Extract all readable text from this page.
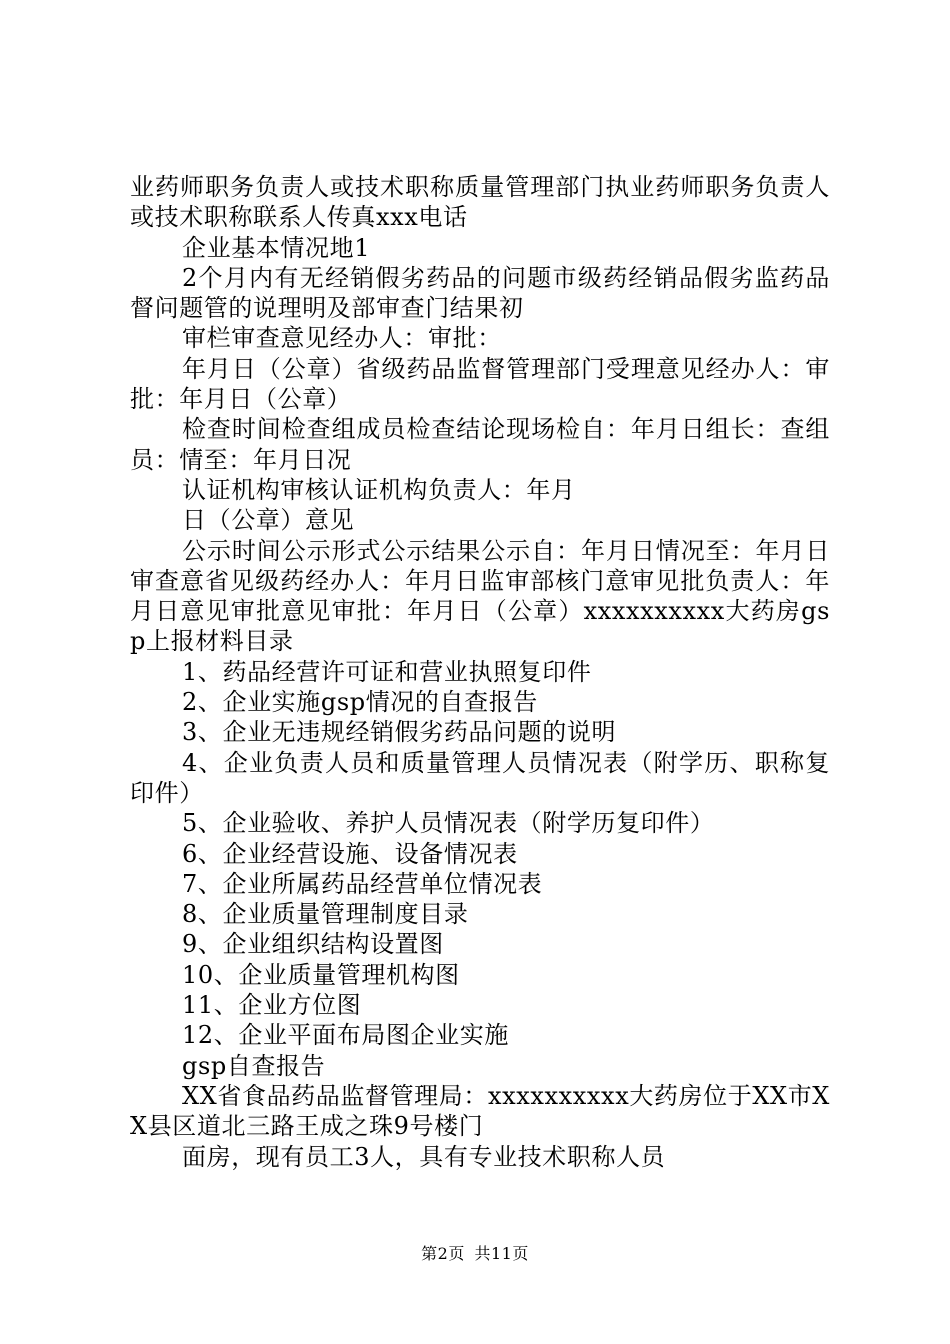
业药师职务负责人或技术职称质量管理部门执业药师职务负责人或技术职称联系人传真xxx电话

企业基本情况地1

2个月内有无经销假劣药品的问题市级药经销品假劣监药品督问题管的说理明及部审查门结果初

审栏审查意见经办人：审批：

年月日（公章）省级药品监督管理部门受理意见经办人：审批：年月日（公章）

检查时间检查组成员检查结论现场检自：年月日组长：查组员：情至：年月日况

认证机构审核认证机构负责人：年月

日（公章）意见

公示时间公示形式公示结果公示自：年月日情况至：年月日审查意省见级药经办人：年月日监审部核门意审见批负责人：年月日意见审批意见审批：年月日（公章）xxxxxxxxxx大药房gsp上报材料目录

1、药品经营许可证和营业执照复印件

2、企业实施gsp情况的自查报告

3、企业无违规经销假劣药品问题的说明

4、企业负责人员和质量管理人员情况表（附学历、职称复印件）

5、企业验收、养护人员情况表（附学历复印件）

6、企业经营设施、设备情况表

7、企业所属药品经营单位情况表

8、企业质量管理制度目录

9、企业组织结构设置图

10、企业质量管理机构图

11、企业方位图

12、企业平面布局图企业实施

gsp自查报告

XX省食品药品监督管理局：xxxxxxxxxx大药房位于XX市XX县区道北三路王成之珠9号楼门

面房，现有员工3人，具有专业技术职称人员

第2页 共11页
